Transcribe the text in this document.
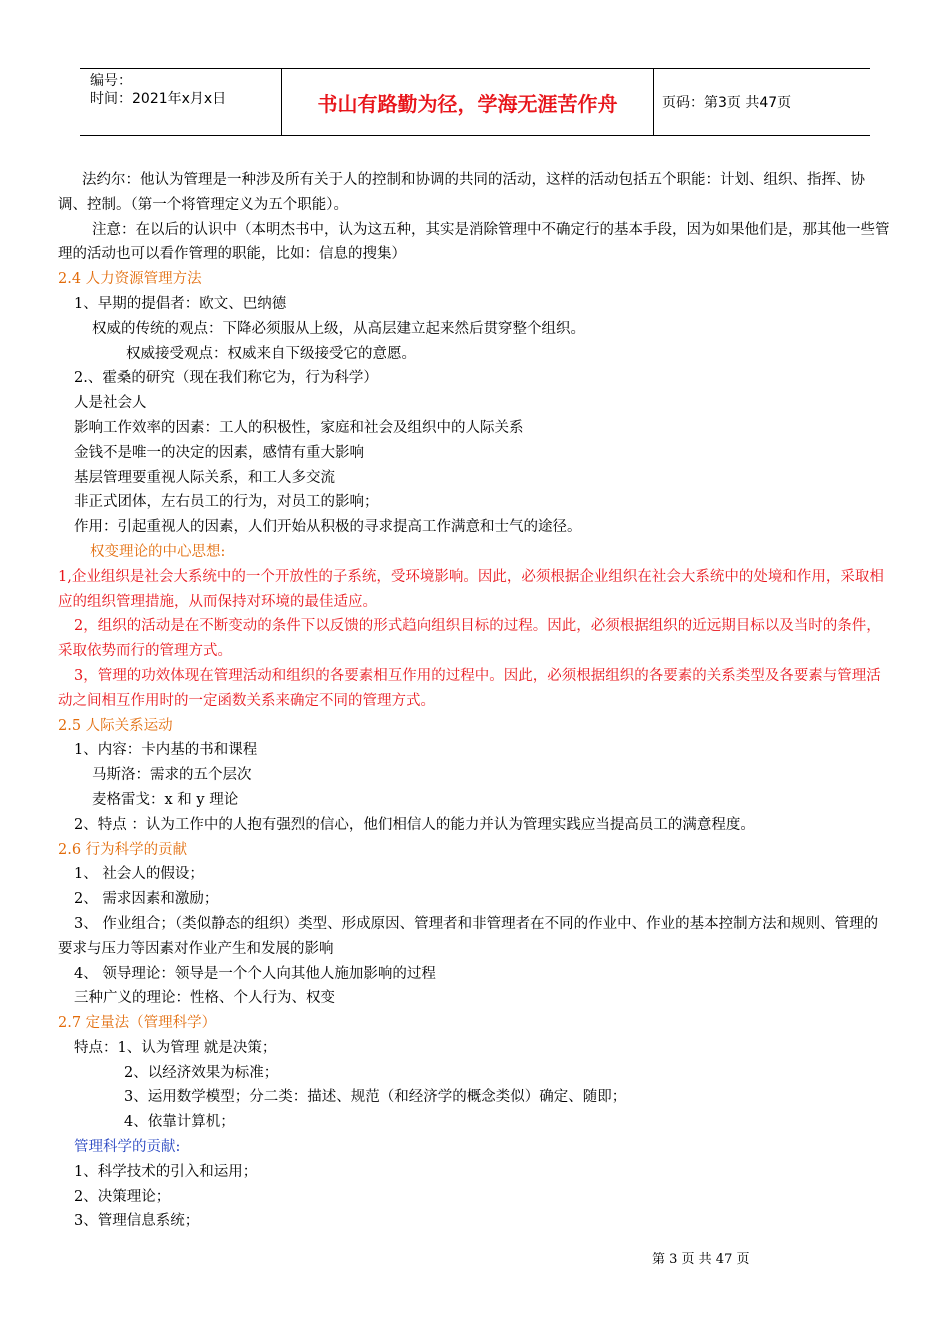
编号：
时间：2021年x月x日	书山有路勤为径，学海无涯苦作舟	页码：第3页 共47页
法约尔：他认为管理是一种涉及所有关于人的控制和协调的共同的活动，这样的活动包括五个职能：计划、组织、指挥、协调、控制。（第一个将管理定义为五个职能）。
注意：在以后的认识中（本明杰书中，认为这五种，其实是消除管理中不确定行的基本手段，因为如果他们是，那其他一些管理的活动也可以看作管理的职能，比如：信息的搜集）
2.4 人力资源管理方法
1、早期的提倡者：欧文、巴纳德
权威的传统的观点：下降必须服从上级，从高层建立起来然后贯穿整个组织。
权威接受观点：权威来自下级接受它的意愿。
2.、霍桑的研究（现在我们称它为，行为科学）
人是社会人
影响工作效率的因素：工人的积极性，家庭和社会及组织中的人际关系
金钱不是唯一的决定的因素，感情有重大影响
基层管理要重视人际关系，和工人多交流
非正式团体，左右员工的行为，对员工的影响；
作用：引起重视人的因素，人们开始从积极的寻求提高工作满意和士气的途径。
权变理论的中心思想:
1,企业组织是社会大系统中的一个开放性的子系统，受环境影响。因此，必须根据企业组织在社会大系统中的处境和作用，采取相应的组织管理措施，从而保持对环境的最佳适应。
2，组织的活动是在不断变动的条件下以反馈的形式趋向组织目标的过程。因此，必须根据组织的近远期目标以及当时的条件，采取依势而行的管理方式。
3，管理的功效体现在管理活动和组织的各要素相互作用的过程中。因此，必须根据组织的各要素的关系类型及各要素与管理活动之间相互作用时的一定函数关系来确定不同的管理方式。
2.5 人际关系运动
1、内容：卡内基的书和课程
马斯洛：需求的五个层次
麦格雷戈：x 和 y 理论
2、特点 ：认为工作中的人抱有强烈的信心，他们相信人的能力并认为管理实践应当提高员工的满意程度。
2.6 行为科学的贡献
1、 社会人的假设；
2、 需求因素和激励；
3、 作业组合；（类似静态的组织）类型、形成原因、管理者和非管理者在不同的作业中、作业的基本控制方法和规则、管理的要求与压力等因素对作业产生和发展的影响
4、 领导理论：领导是一个个人向其他人施加影响的过程
三种广义的理论：性格、个人行为、权变
2.7 定量法（管理科学）
特点：1、认为管理 就是决策；
2、以经济效果为标准；
3、运用数学模型；分二类：描述、规范（和经济学的概念类似）确定、随即；
4、依靠计算机；
管理科学的贡献:
1、科学技术的引入和运用；
2、决策理论；
3、管理信息系统；
第 3 页 共 47 页
